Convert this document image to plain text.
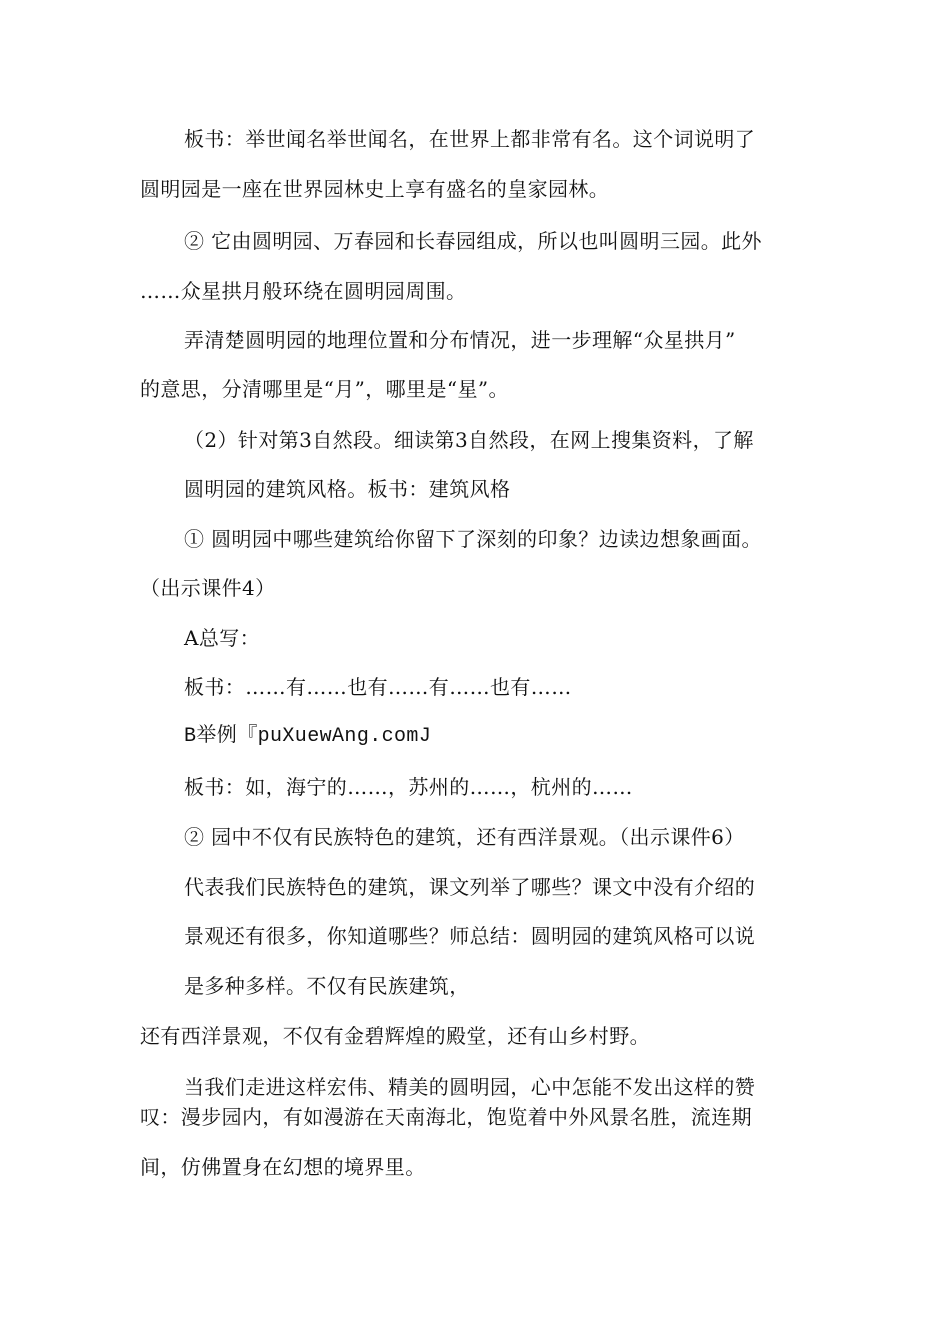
板书：举世闻名举世闻名，在世界上都非常有名。这个词说明了
圆明园是一座在世界园林史上享有盛名的皇家园林。
② 它由圆明园、万春园和长春园组成，所以也叫圆明三园。此外
……众星拱月般环绕在圆明园周围。
弄清楚圆明园的地理位置和分布情况，进一步理解“众星拱月”
的意思，分清哪里是“月”，哪里是“星”。
（2）针对第3自然段。细读第3自然段，在网上搜集资料，了解
圆明园的建筑风格。板书：建筑风格
① 圆明园中哪些建筑给你留下了深刻的印象？边读边想象画面。
（出示课件4）
A总写：
板书：……有……也有……有……也有……
B举例『puXuewAng.comJ
板书：如，海宁的……，苏州的……，杭州的……
② 园中不仅有民族特色的建筑，还有西洋景观。（出示课件6）
代表我们民族特色的建筑，课文列举了哪些？课文中没有介绍的
景观还有很多，你知道哪些？师总结：圆明园的建筑风格可以说
是多种多样。不仅有民族建筑，
还有西洋景观，不仅有金碧辉煌的殿堂，还有山乡村野。
当我们走进这样宏伟、精美的圆明园，心中怎能不发出这样的赞
叹：漫步园内，有如漫游在天南海北，饱览着中外风景名胜，流连期
间，仿佛置身在幻想的境界里。
